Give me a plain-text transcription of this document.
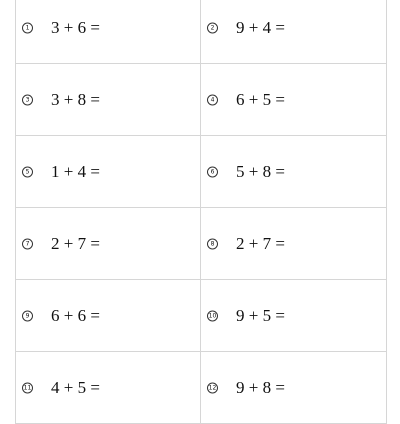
1 3 + 6 =	2 9 + 4 =
3 3 + 8 =	4 6 + 5 =
5 1 + 4 =	6 5 + 8 =
7 2 + 7 =	8 2 + 7 =
9 6 + 6 =	10 9 + 5 =
11 4 + 5 =	12 9 + 8 =
